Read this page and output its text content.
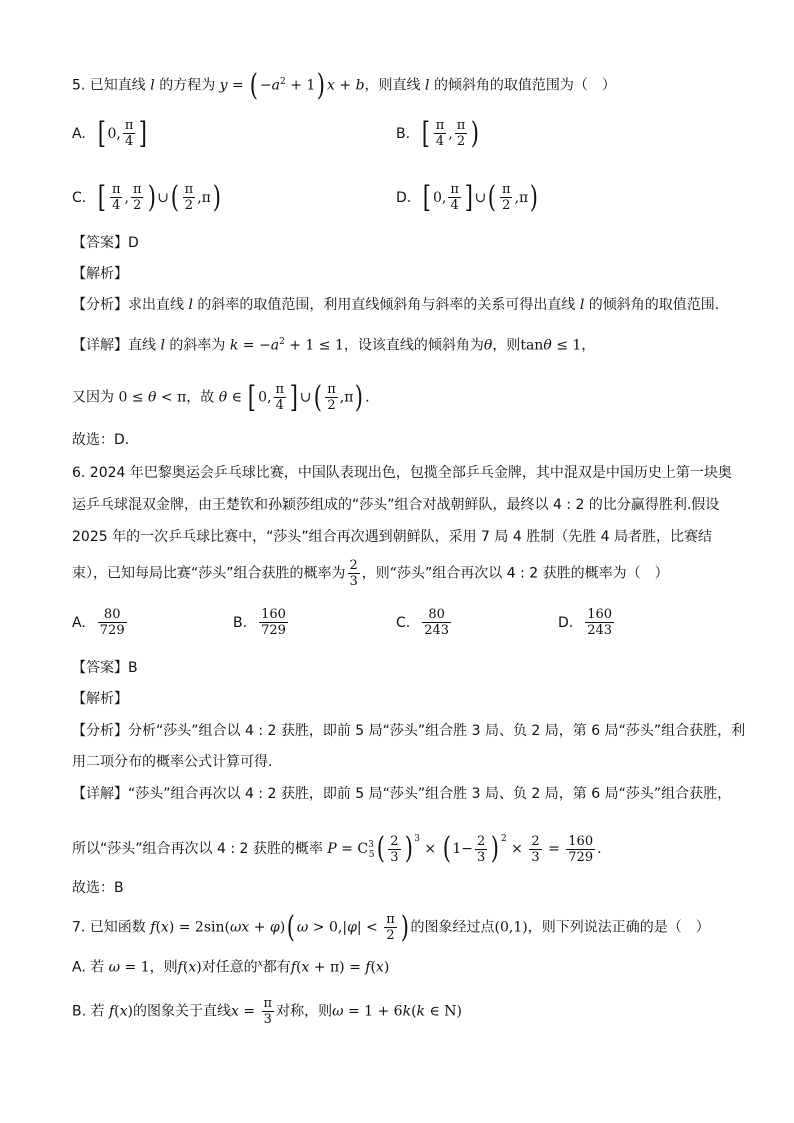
5. 已知直线 l 的方程为 y = ( $-a^2 + 1$) x + b，则直线 l 的倾斜角的取值范围为（　）
A. [ 0, $\frac{\pi}{4}$ ]	B. [ $\frac{\pi}{4}$ , $\frac{\pi}{2}$ )
C. [ $\frac{\pi}{4}$ , $\frac{\pi}{2}$ ) ∪ ( $\frac{\pi}{2} ,\pi$ )	D. [ 0, $\frac{\pi}{4}$ ] ∪ ( $\frac{\pi}{2} ,\pi$ )
【答案】D
【解析】
【分析】求出直线 l 的斜率的取值范围，利用直线倾斜角与斜率的关系可得出直线 l 的倾斜角的取值范围.
【详解】直线 l 的斜率为 $k = -a^2 + 1 \le 1$，设该直线的倾斜角为θ，则tanθ ≤ 1，
又因为 0 ≤ θ < π，故 θ ∈ [ 0, $\frac{\pi}{4}$ ] ∪( $\frac{\pi}{2} ,\pi$) .
故选：D.
6. 2024 年巴黎奥运会乒乓球比赛，中国队表现出色，包揽全部乒乓金牌，其中混双是中国历史上第一块奥
运乒乓球混双金牌，由王楚钦和孙颖莎组成的“莎头”组合对战朝鲜队，最终以 4 : 2 的比分赢得胜利.假设
2025 年的一次乒乓球比赛中，“莎头”组合再次遇到朝鲜队，采用 7 局 4 胜制（先胜 4 局者胜，比赛结
束），已知每局比赛“莎头”组合获胜的概率为 $\frac{2}{3}$ ，则“莎头”组合再次以 4 : 2 获胜的概率为（　）
A. $\frac{80}{729}$	B. $\frac{160}{729}$	C. $\frac{80}{243}$	D. $\frac{160}{243}$
【答案】B
【解析】
【分析】分析“莎头”组合以 4 : 2 获胜，即前 5 局“莎头”组合胜 3 局、负 2 局，第 6 局“莎头”组合获胜，利
用二项分布的概率公式计算可得.
【详解】“莎头”组合再次以 4 : 2 获胜，即前 5 局“莎头”组合胜 3 局、负 2 局，第 6 局“莎头”组合获胜，
所以“莎头”组合再次以 4 : 2 获胜的概率 $P = C^3_5( \frac{2}{3}$ ) $^3$ × ( $1- \frac{2}{3}$ ) $^2 \times \frac{2}{3} = \frac{160}{729}$ .
故选：B
7. 已知函数 f(x) = 2sin(ωx + φ)( $\omega > 0,|\varphi| < \frac{\pi}{2}$ ) 的图象经过点(0,1)，则下列说法正确的是（　）
A. 若 ω = 1，则f(x)对任意的$^x$都有f(x + π) = f(x)
B. 若 f(x)的图象关于直线$x = \frac{\pi}{3}$ 对称，则ω = 1 + 6k(k ∈ N)
